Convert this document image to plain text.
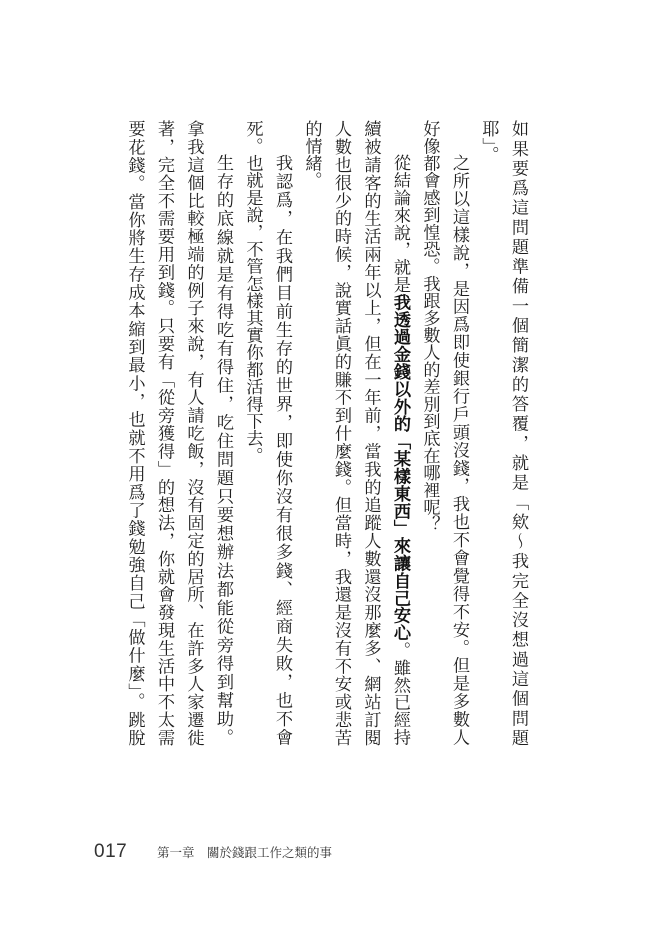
如果要爲這問題準備一個簡潔的答覆，就是「欸～我完全沒想過這個問題
耶」。
之所以這樣說，是因爲即使銀行戶頭沒錢，我也不會覺得不安。但是多數人
好像都會感到惶恐。我跟多數人的差別到底在哪裡呢？
從結論來說，就是我透過金錢以外的「某樣東西」來讓自己安心。雖然已經持
續被請客的生活兩年以上，但在一年前，當我的追蹤人數還沒那麼多、網站訂閱
人數也很少的時候，說實話眞的賺不到什麼錢。但當時，我還是沒有不安或悲苦
的情緒。
我認爲，在我們目前生存的世界，即使你沒有很多錢、經商失敗，也不會
死。也就是說，不管怎樣其實你都活得下去。
生存的底線就是有得吃有得住，吃住問題只要想辦法都能從旁得到幫助。
拿我這個比較極端的例子來說，有人請吃飯，沒有固定的居所、在許多人家遷徙
著，完全不需要用到錢。只要有「從旁獲得」的想法，你就會發現生活中不太需
要花錢。當你將生存成本縮到最小，也就不用爲了錢勉強自己「做什麼」。跳脫
017 第一章 關於錢跟工作之類的事
